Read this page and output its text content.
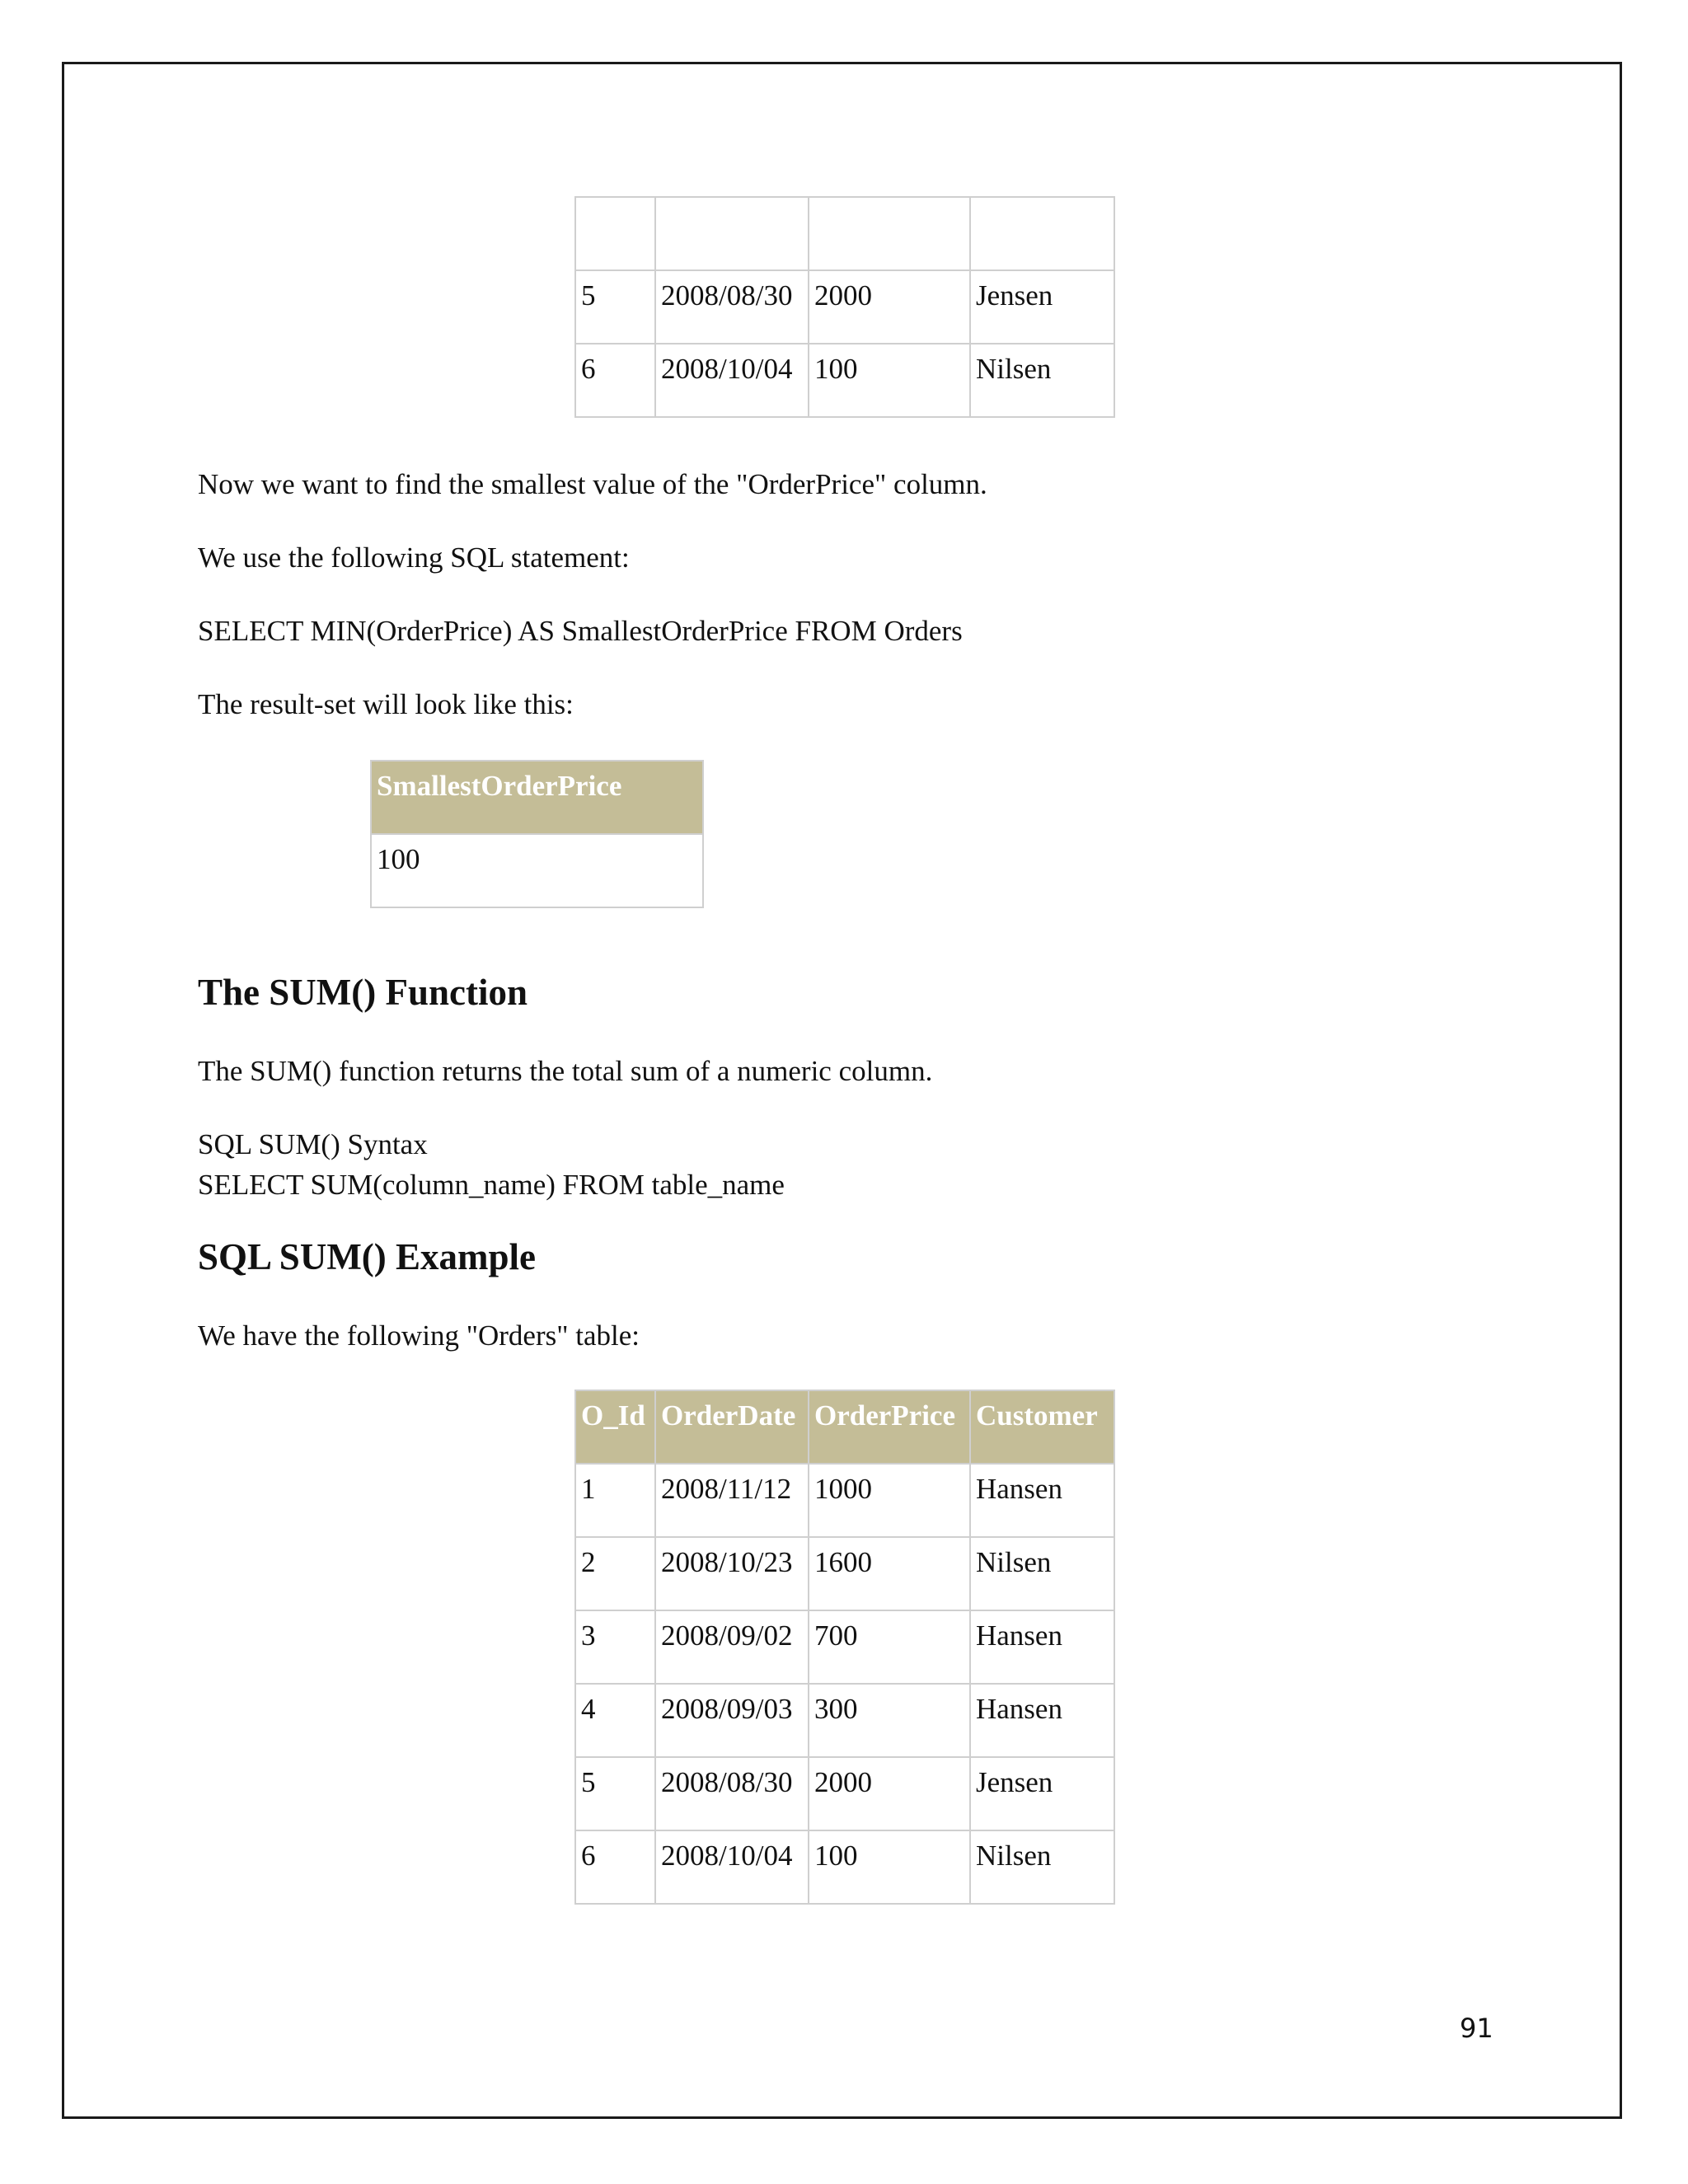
5	2008/08/30	2000	Jensen
6	2008/10/04	100	Nilsen
Now we want to find the smallest value of the "OrderPrice" column.
We use the following SQL statement:
SELECT MIN(OrderPrice) AS SmallestOrderPrice FROM Orders
The result-set will look like this:
SmallestOrderPrice
100
The SUM() Function
The SUM() function returns the total sum of a numeric column.
SQL SUM() Syntax
SELECT SUM(column_name) FROM table_name
SQL SUM() Example
We have the following "Orders" table:
O_Id	OrderDate	OrderPrice	Customer
1	2008/11/12	1000	Hansen
2	2008/10/23	1600	Nilsen
3	2008/09/02	700	Hansen
4	2008/09/03	300	Hansen
5	2008/08/30	2000	Jensen
6	2008/10/04	100	Nilsen
91
